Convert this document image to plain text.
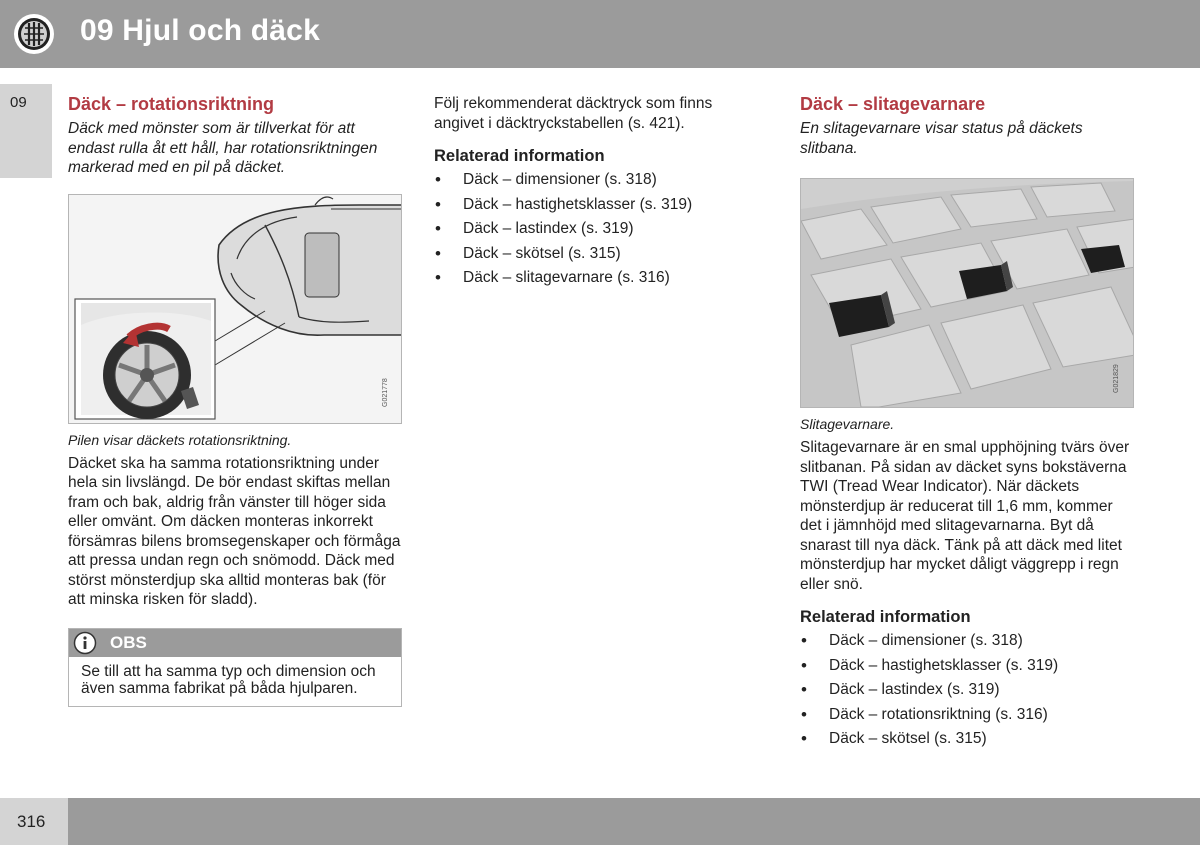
09 Hjul och däck
09 Däck – rotationsriktning

Däck med mönster som är tillverkat för att endast rulla åt ett håll, har rotationsriktningen markerad med en pil på däcket.

G021778
Pilen visar däckets rotationsriktning.

Däcket ska ha samma rotationsriktning under hela sin livslängd. De bör endast skiftas mellan fram och bak, aldrig från vänster till höger sida eller omvänt. Om däcken monteras inkorrekt försämras bilens bromsegenskaper och förmåga att pressa undan regn och snömodd. Däck med störst mönsterdjup ska alltid monteras bak (för att minska risken för sladd).

OBS
Se till att ha samma typ och dimension och även samma fabrikat på båda hjulparen.

Följ rekommenderat däcktryck som finns angivet i däcktryckstabellen (s. 421).

Relaterad information
• Däck – dimensioner (s. 318)
• Däck – hastighetsklasser (s. 319)
• Däck – lastindex (s. 319)
• Däck – skötsel (s. 315)
• Däck – slitagevarnare (s. 316)
Däck – slitagevarnare

En slitagevarnare visar status på däckets slitbana.

G021829
Slitagevarnare.

Slitagevarnare är en smal upphöjning tvärs över slitbanan. På sidan av däcket syns bokstäverna TWI (Tread Wear Indicator). När däckets mönsterdjup är reducerat till 1,6 mm, kommer det i jämnhöjd med slitagevarnarna. Byt då snarast till nya däck. Tänk på att däck med litet mönsterdjup har mycket dåligt väggrepp i regn eller snö.

Relaterad information
• Däck – dimensioner (s. 318)
• Däck – hastighetsklasser (s. 319)
• Däck – lastindex (s. 319)
• Däck – rotationsriktning (s. 316)
• Däck – skötsel (s. 315)
316
